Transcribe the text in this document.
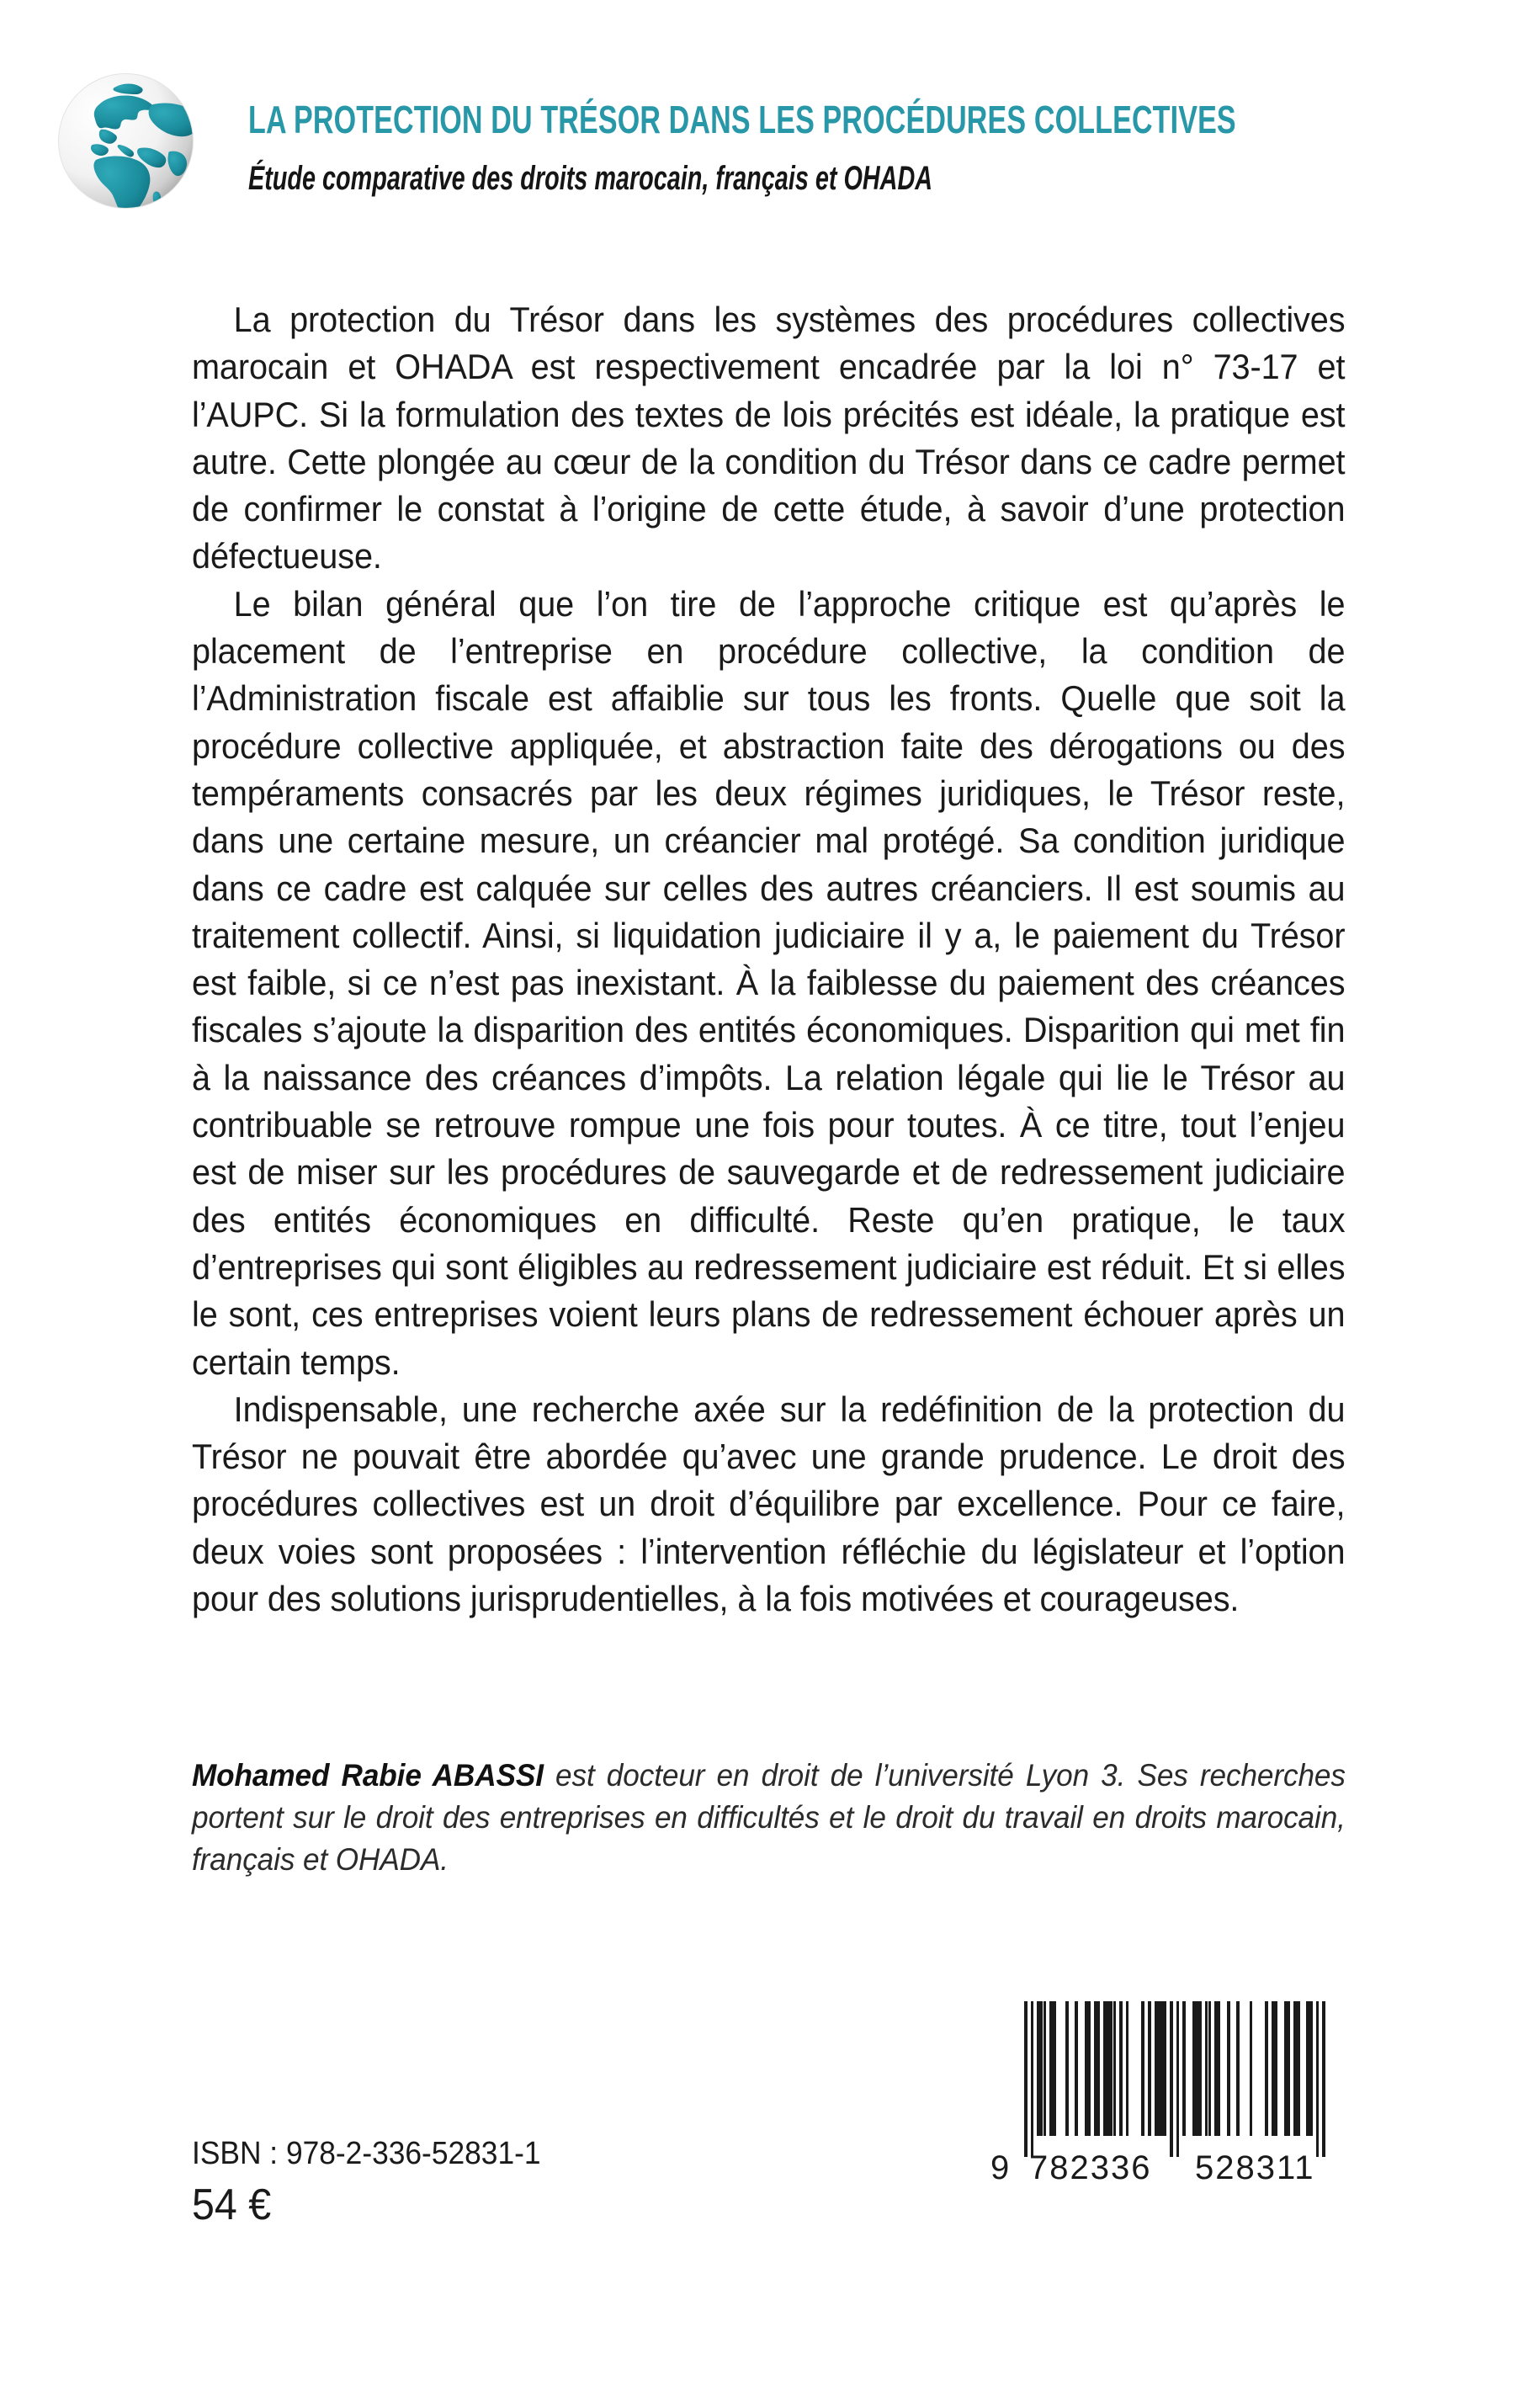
LA PROTECTION DU TRÉSOR DANS LES PROCÉDURES COLLECTIVES
Étude comparative des droits marocain, français et OHADA

La protection du Trésor dans les systèmes des procédures collectives marocain et OHADA est respectivement encadrée par la loi n° 73-17 et l’AUPC. Si la formulation des textes de lois précités est idéale, la pratique est autre. Cette plongée au cœur de la condition du Trésor dans ce cadre permet de confirmer le constat à l’origine de cette étude, à savoir d’une protection défectueuse.

Le bilan général que l’on tire de l’approche critique est qu’après le placement de l’entreprise en procédure collective, la condition de l’Administration fiscale est affaiblie sur tous les fronts. Quelle que soit la procédure collective appliquée, et abstraction faite des dérogations ou des tempéraments consacrés par les deux régimes juridiques, le Trésor reste, dans une certaine mesure, un créancier mal protégé. Sa condition juridique dans ce cadre est calquée sur celles des autres créanciers. Il est soumis au traitement collectif. Ainsi, si liquidation judiciaire il y a, le paiement du Trésor est faible, si ce n’est pas inexistant. À la faiblesse du paiement des créances fiscales s’ajoute la disparition des entités économiques. Disparition qui met fin à la naissance des créances d’impôts. La relation légale qui lie le Trésor au contribuable se retrouve rompue une fois pour toutes. À ce titre, tout l’enjeu est de miser sur les procédures de sauvegarde et de redressement judiciaire des entités économiques en difficulté. Reste qu’en pratique, le taux d’entreprises qui sont éligibles au redressement judiciaire est réduit. Et si elles le sont, ces entreprises voient leurs plans de redressement échouer après un certain temps.

Indispensable, une recherche axée sur la redéfinition de la protection du Trésor ne pouvait être abordée qu’avec une grande prudence. Le droit des procédures collectives est un droit d’équilibre par excellence. Pour ce faire, deux voies sont proposées : l’intervention réfléchie du législateur et l’option pour des solutions jurisprudentielles, à la fois motivées et courageuses.

Mohamed Rabie ABASSI est docteur en droit de l’université Lyon 3. Ses recherches portent sur le droit des entreprises en difficultés et le droit du travail en droits marocain, français et OHADA.

ISBN : 978-2-336-52831-1
54 €
9 782336 528311
